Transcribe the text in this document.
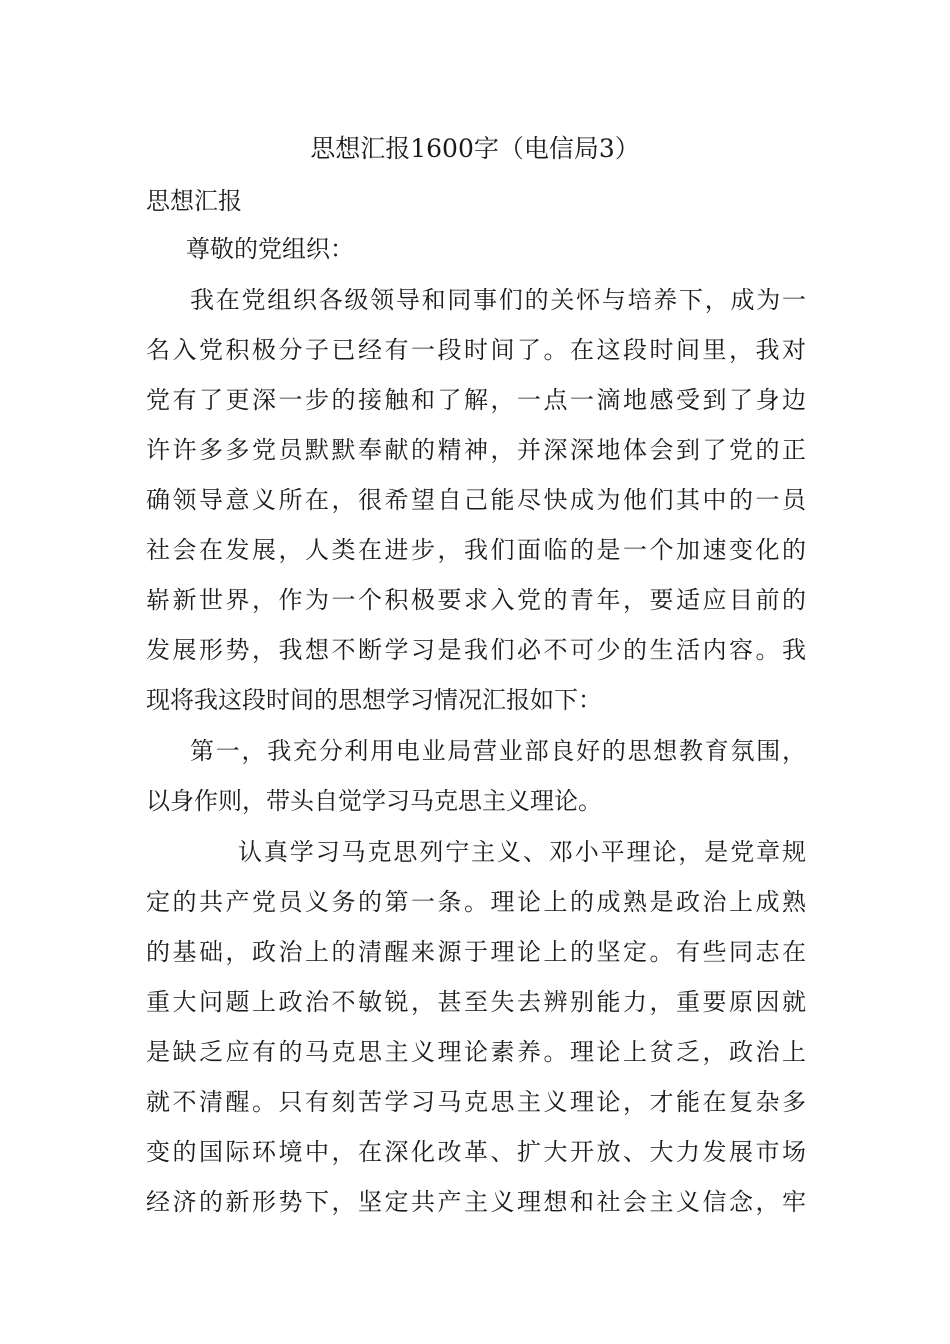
思想汇报1600字（电信局3）
思想汇报
尊敬的党组织：
我在党组织各级领导和同事们的关怀与培养下，成为一
名入党积极分子已经有一段时间了。在这段时间里，我对
党有了更深一步的接触和了解，一点一滴地感受到了身边
许许多多党员默默奉献的精神，并深深地体会到了党的正
确领导意义所在，很希望自己能尽快成为他们其中的一员
社会在发展，人类在进步，我们面临的是一个加速变化的
崭新世界，作为一个积极要求入党的青年，要适应目前的
发展形势，我想不断学习是我们必不可少的生活内容。我
现将我这段时间的思想学习情况汇报如下：
第一，我充分利用电业局营业部良好的思想教育氛围，
以身作则，带头自觉学习马克思主义理论。
认真学习马克思列宁主义、邓小平理论，是党章规
定的共产党员义务的第一条。理论上的成熟是政治上成熟
的基础，政治上的清醒来源于理论上的坚定。有些同志在
重大问题上政治不敏锐，甚至失去辨别能力，重要原因就
是缺乏应有的马克思主义理论素养。理论上贫乏，政治上
就不清醒。只有刻苦学习马克思主义理论，才能在复杂多
变的国际环境中，在深化改革、扩大开放、大力发展市场
经济的新形势下，坚定共产主义理想和社会主义信念，牢
